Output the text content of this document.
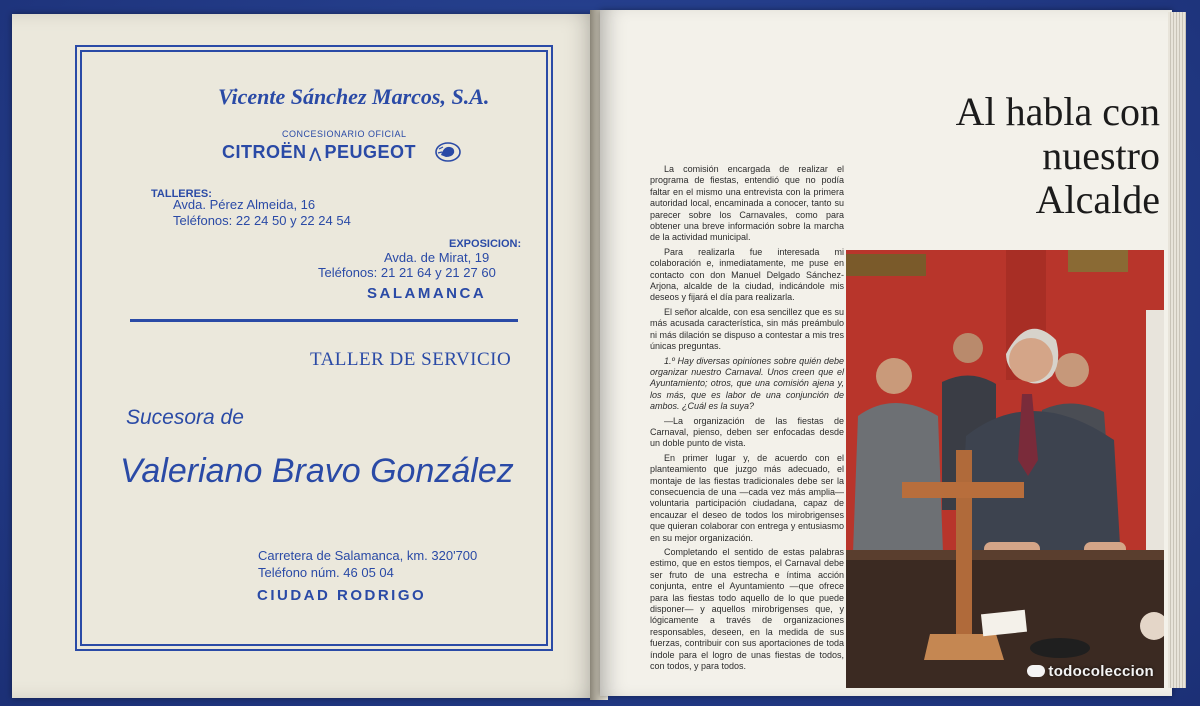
Vicente Sánchez Marcos, S.A.
CONCESIONARIO OFICIAL
CITROËN ⋀ PEUGEOT
TALLERES:
Avda. Pérez Almeida, 16
Teléfonos: 22 24 50 y 22 24 54
EXPOSICION:
Avda. de Mirat, 19
Teléfonos: 21 21 64 y 21 27 60
SALAMANCA
TALLER DE SERVICIO
Sucesora de
Valeriano Bravo González
Carretera de Salamanca, km. 320'700
Teléfono núm. 46 05 04
CIUDAD RODRIGO
Al habla con
nuestro
Alcalde

La comisión encargada de realizar el programa de fiestas, entendió que no podía faltar en el mismo una entrevista con la primera autoridad local, encaminada a conocer, tanto su parecer sobre los Carnavales, como para obtener una breve información sobre la marcha de la actividad municipal.

Para realizarla fue interesada mi colaboración e, inmediatamente, me puse en contacto con don Manuel Delgado Sánchez-Arjona, alcalde de la ciudad, indicándole mis deseos y fijará el día para realizarla.

El señor alcalde, con esa sencillez que es su más acusada característica, sin más preámbulo ni más dilación se dispuso a contestar a mis tres únicas preguntas.

1.º Hay diversas opiniones sobre quién debe organizar nuestro Carnaval. Unos creen que el Ayuntamiento; otros, que una comisión ajena y, los más, que es labor de una conjunción de ambos. ¿Cuál es la suya?

—La organización de las fiestas de Carnaval, pienso, deben ser enfocadas desde un doble punto de vista.

En primer lugar y, de acuerdo con el planteamiento que juzgo más adecuado, el montaje de las fiestas tradicionales debe ser la consecuencia de una —cada vez más amplia— voluntaria participación ciudadana, capaz de encauzar el deseo de todos los mirobrigenses que quieran colaborar con entrega y entusiasmo en su mejor organización.

Completando el sentido de estas palabras estimo, que en estos tiempos, el Carnaval debe ser fruto de una estrecha e íntima acción conjunta, entre el Ayuntamiento —que ofrece para las fiestas todo aquello de lo que puede disponer— y aquellos mirobrigenses que, y lógicamente a través de organizaciones responsables, deseen, en la medida de sus fuerzas, contribuir con sus aportaciones de toda índole para el logro de unas fiestas de todos, con todos, y para todos.	todocoleccion
